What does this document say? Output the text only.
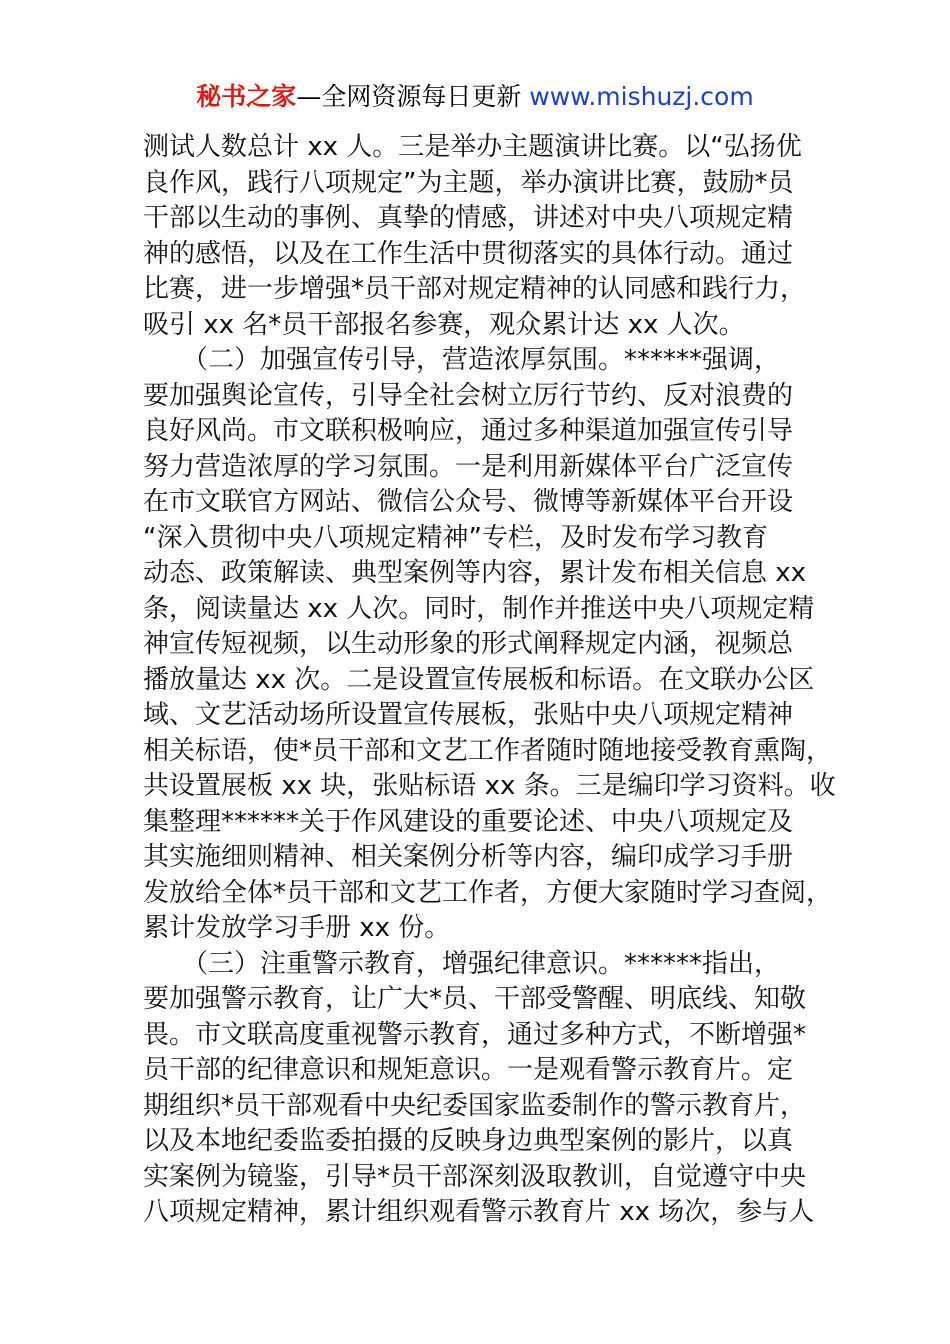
秘书之家—全网资源每日更新 www.mishuzj.com
测试人数总计 xx 人。三是举办主题演讲比赛。以“弘扬优
良作风，践行八项规定”为主题，举办演讲比赛，鼓励*员
干部以生动的事例、真挚的情感，讲述对中央八项规定精
神的感悟，以及在工作生活中贯彻落实的具体行动。通过
比赛，进一步增强*员干部对规定精神的认同感和践行力，
吸引 xx 名*员干部报名参赛，观众累计达 xx 人次。
　　（二）加强宣传引导，营造浓厚氛围。******强调，
要加强舆论宣传，引导全社会树立厉行节约、反对浪费的
良好风尚。市文联积极响应，通过多种渠道加强宣传引导
努力营造浓厚的学习氛围。一是利用新媒体平台广泛宣传
在市文联官方网站、微信公众号、微博等新媒体平台开设
“深入贯彻中央八项规定精神”专栏，及时发布学习教育
动态、政策解读、典型案例等内容，累计发布相关信息 xx
条，阅读量达 xx 人次。同时，制作并推送中央八项规定精
神宣传短视频，以生动形象的形式阐释规定内涵，视频总
播放量达 xx 次。二是设置宣传展板和标语。在文联办公区
域、文艺活动场所设置宣传展板，张贴中央八项规定精神
相关标语，使*员干部和文艺工作者随时随地接受教育熏陶，
共设置展板 xx 块，张贴标语 xx 条。三是编印学习资料。收
集整理******关于作风建设的重要论述、中央八项规定及
其实施细则精神、相关案例分析等内容，编印成学习手册
发放给全体*员干部和文艺工作者，方便大家随时学习查阅，
累计发放学习手册 xx 份。
　　（三）注重警示教育，增强纪律意识。******指出，
要加强警示教育，让广大*员、干部受警醒、明底线、知敬
畏。市文联高度重视警示教育，通过多种方式，不断增强*
员干部的纪律意识和规矩意识。一是观看警示教育片。定
期组织*员干部观看中央纪委国家监委制作的警示教育片，
以及本地纪委监委拍摄的反映身边典型案例的影片，以真
实案例为镜鉴，引导*员干部深刻汲取教训，自觉遵守中央
八项规定精神，累计组织观看警示教育片 xx 场次，参与人
